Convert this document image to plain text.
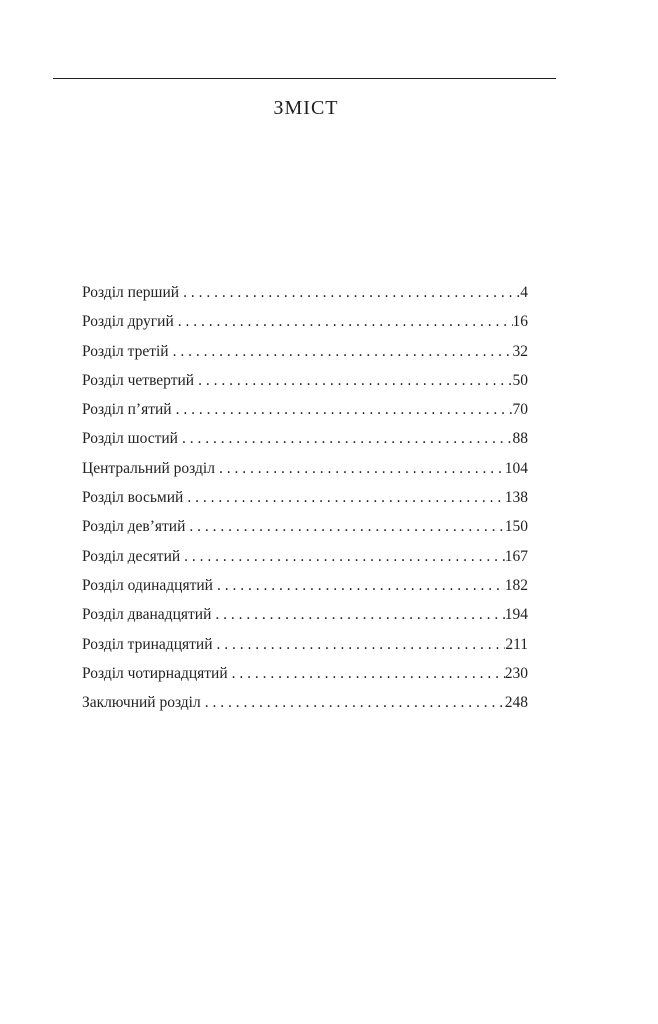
ЗМІСТ
Розділ перший . . .	4
Розділ другий . . .	16
Розділ третій . . .	32
Розділ четвертий . . .	50
Розділ п’ятий . . .	70
Розділ шостий . . .	88
Центральний розділ . . .	104
Розділ восьмий . . .	138
Розділ дев’ятий . . .	150
Розділ десятий . . .	167
Розділ одинадцятий . . .	182
Розділ дванадцятий . . .	194
Розділ тринадцятий . . .	211
Розділ чотирнадцятий . . .	230
Заключний розділ . . .	248
